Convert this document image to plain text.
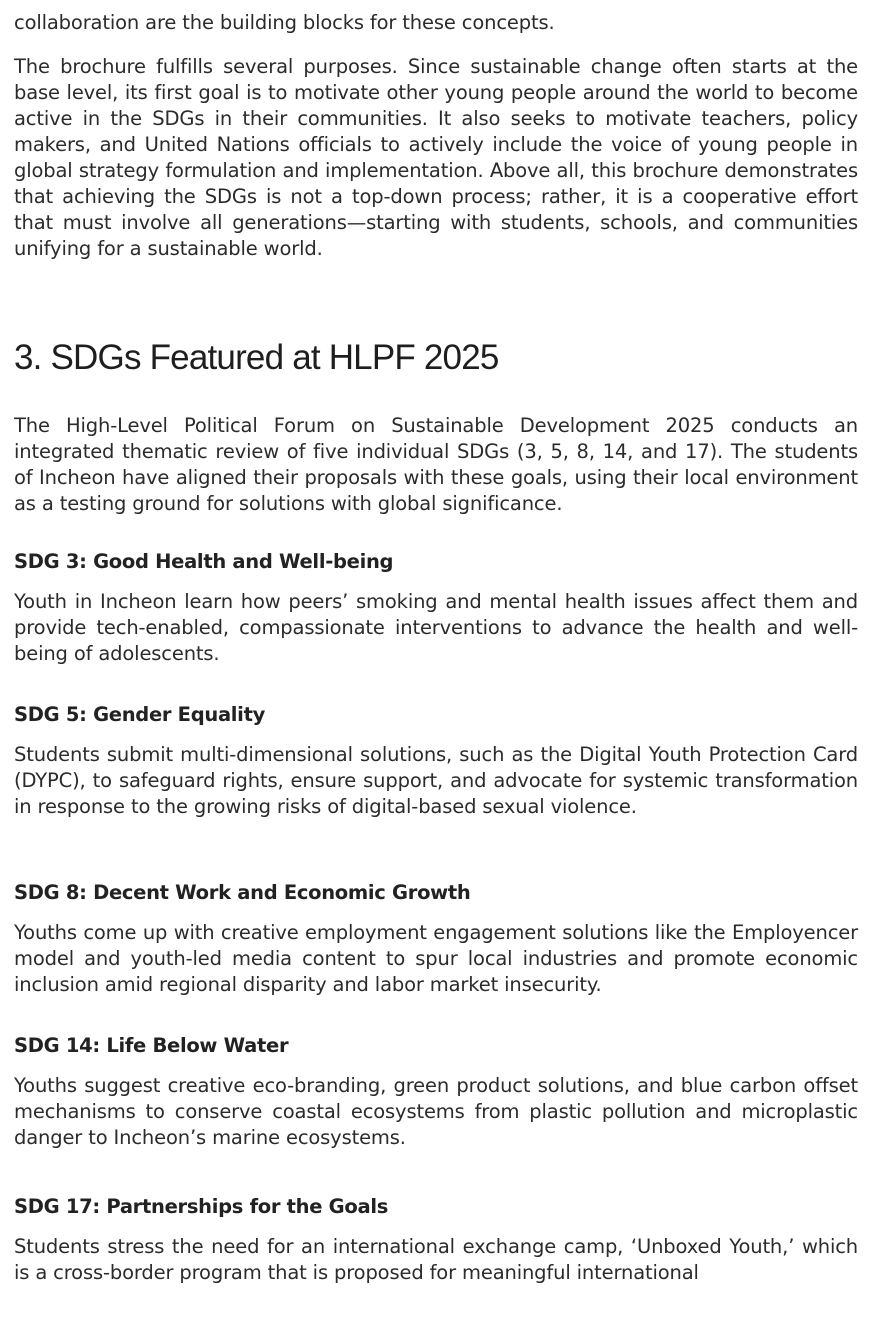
collaboration are the building blocks for these concepts.

The brochure fulfills several purposes. Since sustainable change often starts at the base level, its first goal is to motivate other young people around the world to become active in the SDGs in their communities. It also seeks to motivate teachers, policy makers, and United Nations officials to actively include the voice of young people in global strategy formulation and implementation. Above all, this brochure demonstrates that achieving the SDGs is not a top-down process; rather, it is a cooperative effort that must involve all generations—starting with students, schools, and communities unifying for a sustainable world.

3. SDGs Featured at HLPF 2025

The High-Level Political Forum on Sustainable Development 2025 conducts an integrated thematic review of five individual SDGs (3, 5, 8, 14, and 17). The students of Incheon have aligned their proposals with these goals, using their local environment as a testing ground for solutions with global significance.

SDG 3: Good Health and Well-being

Youth in Incheon learn how peers’ smoking and mental health issues affect them and provide tech-enabled, compassionate interventions to advance the health and well-being of adolescents.

SDG 5: Gender Equality

Students submit multi-dimensional solutions, such as the Digital Youth Protection Card (DYPC), to safeguard rights, ensure support, and advocate for systemic transformation in response to the growing risks of digital-based sexual violence.

SDG 8: Decent Work and Economic Growth

Youths come up with creative employment engagement solutions like the Employencer model and youth-led media content to spur local industries and promote economic inclusion amid regional disparity and labor market insecurity.

SDG 14: Life Below Water

Youths suggest creative eco-branding, green product solutions, and blue carbon offset mechanisms to conserve coastal ecosystems from plastic pollution and microplastic danger to Incheon’s marine ecosystems.

SDG 17: Partnerships for the Goals

Students stress the need for an international exchange camp, ‘Unboxed Youth,’ which is a cross-border program that is proposed for meaningful international
